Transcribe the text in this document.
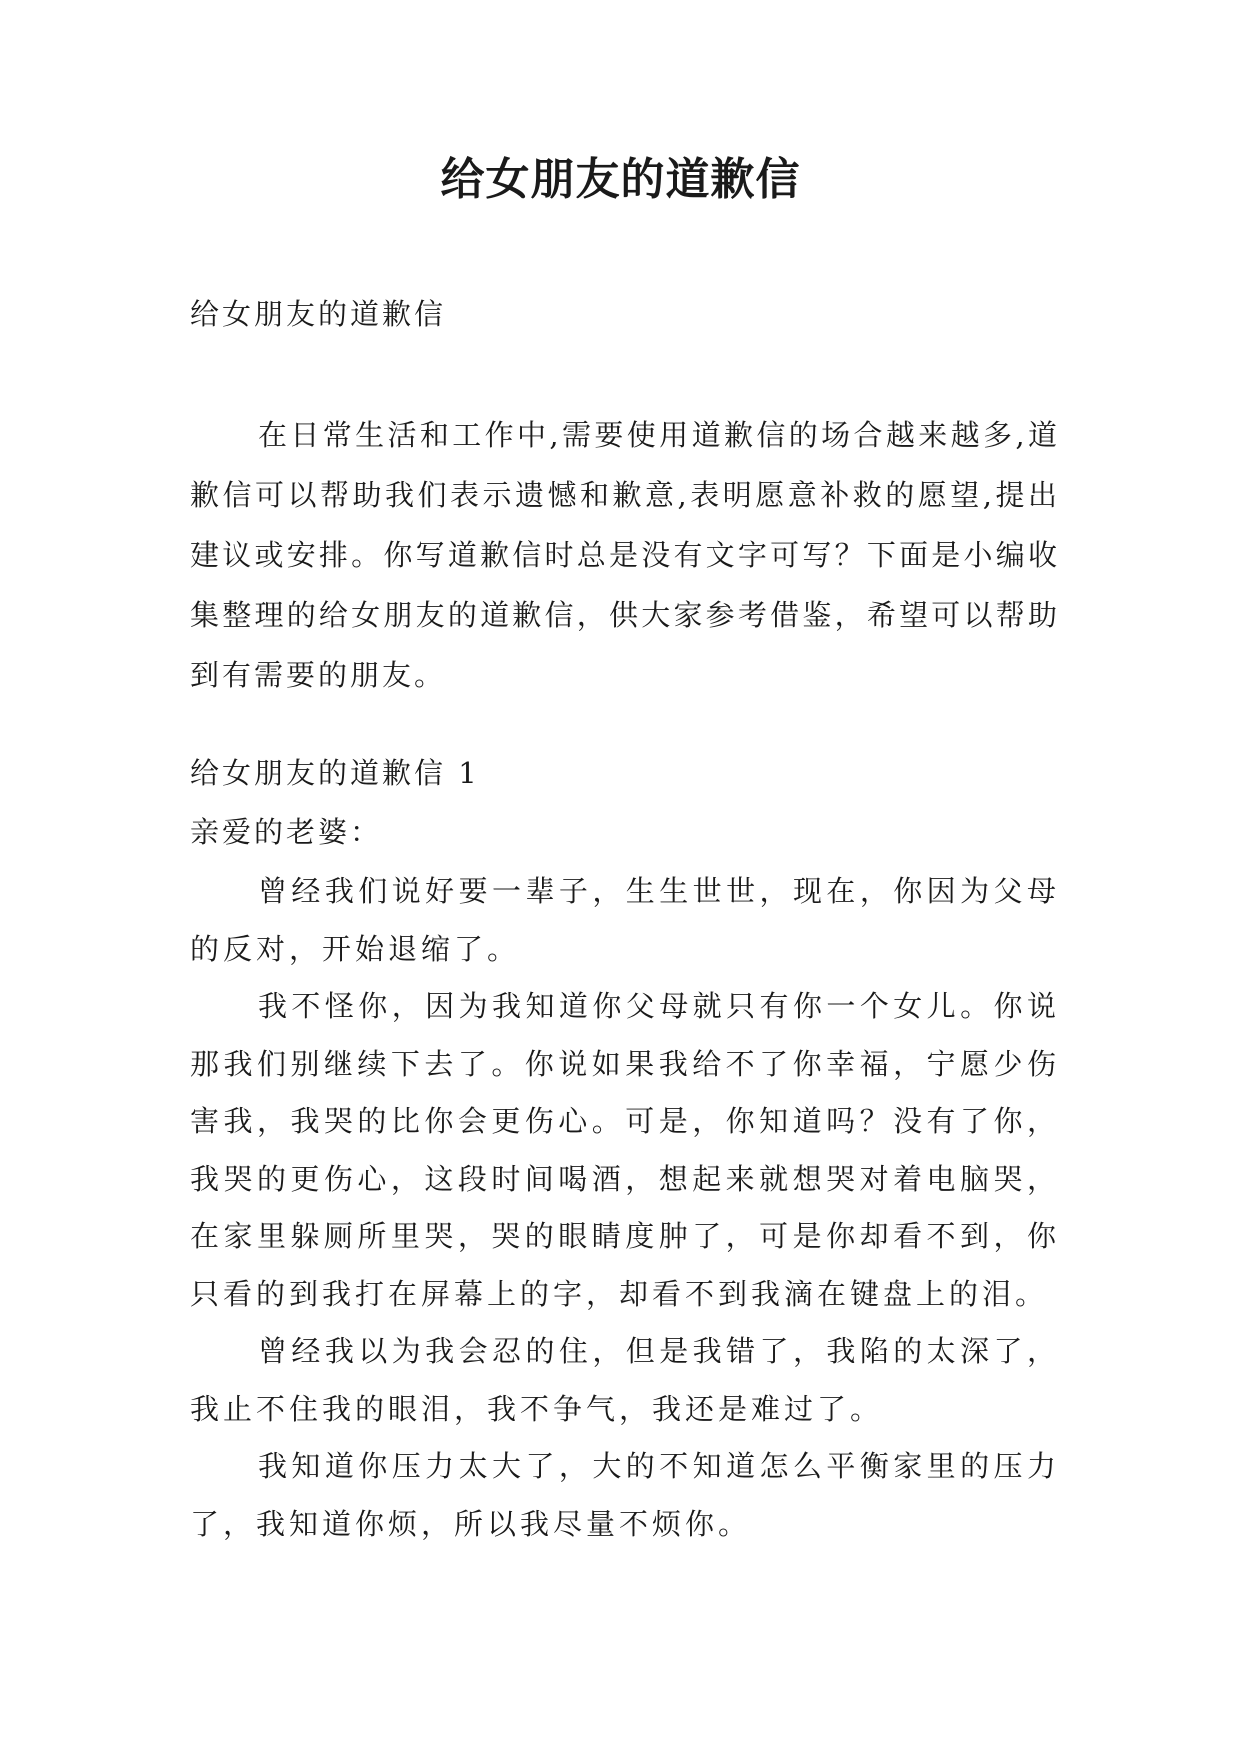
给女朋友的道歉信

给女朋友的道歉信

在日常生活和工作中,需要使用道歉信的场合越来越多,道歉信可以帮助我们表示遗憾和歉意,表明愿意补救的愿望,提出建议或安排。你写道歉信时总是没有文字可写？下面是小编收集整理的给女朋友的道歉信，供大家参考借鉴，希望可以帮助到有需要的朋友。

给女朋友的道歉信 1

亲爱的老婆：

曾经我们说好要一辈子，生生世世，现在，你因为父母的反对，开始退缩了。

我不怪你，因为我知道你父母就只有你一个女儿。你说那我们别继续下去了。你说如果我给不了你幸福，宁愿少伤害我，我哭的比你会更伤心。可是，你知道吗？没有了你，我哭的更伤心，这段时间喝酒，想起来就想哭对着电脑哭，在家里躲厕所里哭，哭的眼睛度肿了，可是你却看不到，你只看的到我打在屏幕上的字，却看不到我滴在键盘上的泪。

曾经我以为我会忍的住，但是我错了，我陷的太深了，我止不住我的眼泪，我不争气，我还是难过了。

我知道你压力太大了，大的不知道怎么平衡家里的压力了，我知道你烦，所以我尽量不烦你。
